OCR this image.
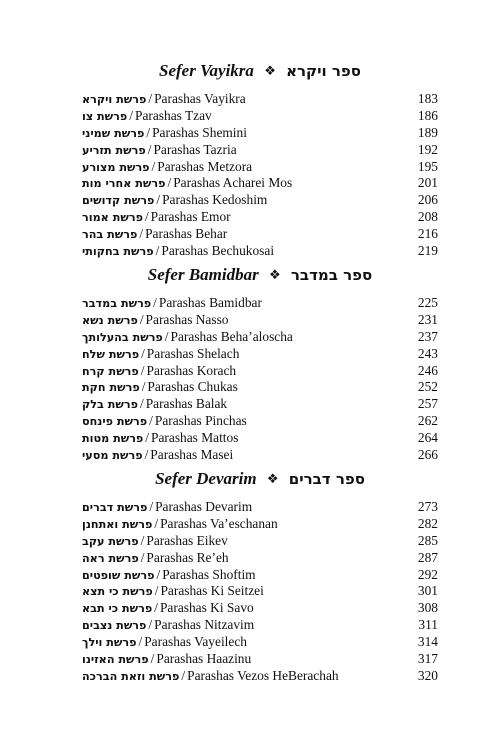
Sefer Vayikra ❖ ספר ויקרא
פרשת ויקרא / Parashas Vayikra	183
פרשת צו / Parashas Tzav	186
פרשת שמיני / Parashas Shemini	189
פרשת תזריע / Parashas Tazria	192
פרשת מצורע / Parashas Metzora	195
פרשת אחרי מות / Parashas Acharei Mos	201
פרשת קדושים / Parashas Kedoshim	206
פרשת אמור / Parashas Emor	208
פרשת בהר / Parashas Behar	216
פרשת בחקותי / Parashas Bechukosai	219
Sefer Bamidbar ❖ ספר במדבר
פרשת במדבר / Parashas Bamidbar	225
פרשת נשא / Parashas Nasso	231
פרשת בהעלותך / Parashas Beha’aloscha	237
פרשת שלח / Parashas Shelach	243
פרשת קרח / Parashas Korach	246
פרשת חקת / Parashas Chukas	252
פרשת בלק / Parashas Balak	257
פרשת פינחס / Parashas Pinchas	262
פרשת מטות / Parashas Mattos	264
פרשת מסעי / Parashas Masei	266
Sefer Devarim ❖ ספר דברים
פרשת דברים / Parashas Devarim	273
פרשת ואתחנן / Parashas Va’eschanan	282
פרשת עקב / Parashas Eikev	285
פרשת ראה / Parashas Re’eh	287
פרשת שופטים / Parashas Shoftim	292
פרשת כי תצא / Parashas Ki Seitzei	301
פרשת כי תבא / Parashas Ki Savo	308
פרשת נצבים / Parashas Nitzavim	311
פרשת וילך / Parashas Vayeilech	314
פרשת האזינו / Parashas Haazinu	317
פרשת וזאת הברכה / Parashas Vezos HeBerachah	320
